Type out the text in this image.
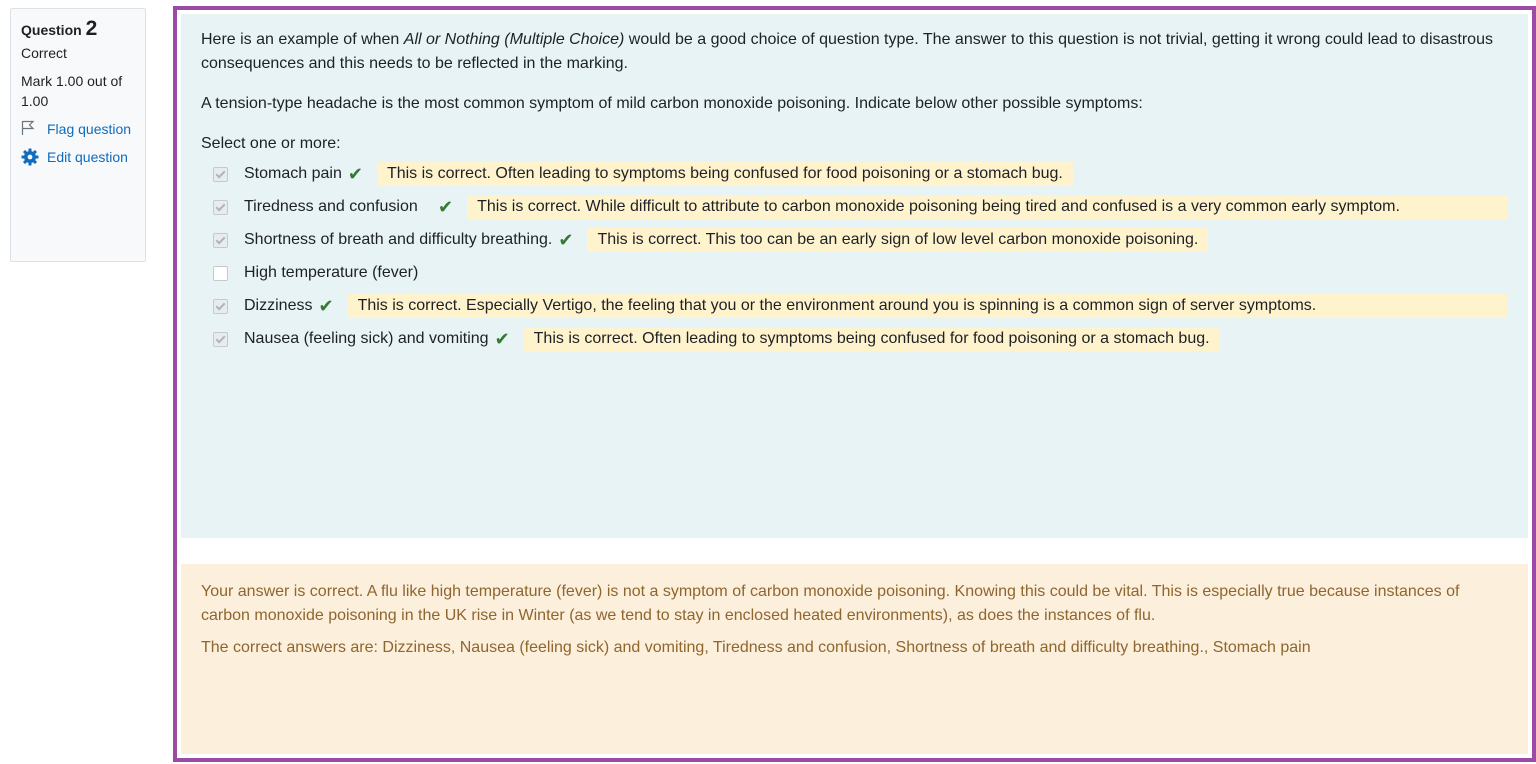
Question 2
Correct
Mark 1.00 out of 1.00
Flag question
Edit question

Here is an example of when All or Nothing (Multiple Choice) would be a good choice of question type. The answer to this question is not trivial, getting it wrong could lead to disastrous consequences and this needs to be reflected in the marking.

A tension-type headache is the most common symptom of mild carbon monoxide poisoning. Indicate below other possible symptoms:

Select one or more:
Stomach pain ✔	This is correct. Often leading to symptoms being confused for food poisoning or a stomach bug.
Tiredness and confusion	✔	This is correct. While difficult to attribute to carbon monoxide poisoning being tired and confused is a very common early symptom.
Shortness of breath and difficulty breathing. ✔	This is correct. This too can be an early sign of low level carbon monoxide poisoning.
High temperature (fever)
Dizziness ✔	This is correct. Especially Vertigo, the feeling that you or the environment around you is spinning is a common sign of server symptoms.
Nausea (feeling sick) and vomiting ✔	This is correct. Often leading to symptoms being confused for food poisoning or a stomach bug.

Your answer is correct. A flu like high temperature (fever) is not a symptom of carbon monoxide poisoning. Knowing this could be vital. This is especially true because instances of carbon monoxide poisoning in the UK rise in Winter (as we tend to stay in enclosed heated environments), as does the instances of flu.

The correct answers are: Dizziness, Nausea (feeling sick) and vomiting, Tiredness and confusion, Shortness of breath and difficulty breathing., Stomach pain
